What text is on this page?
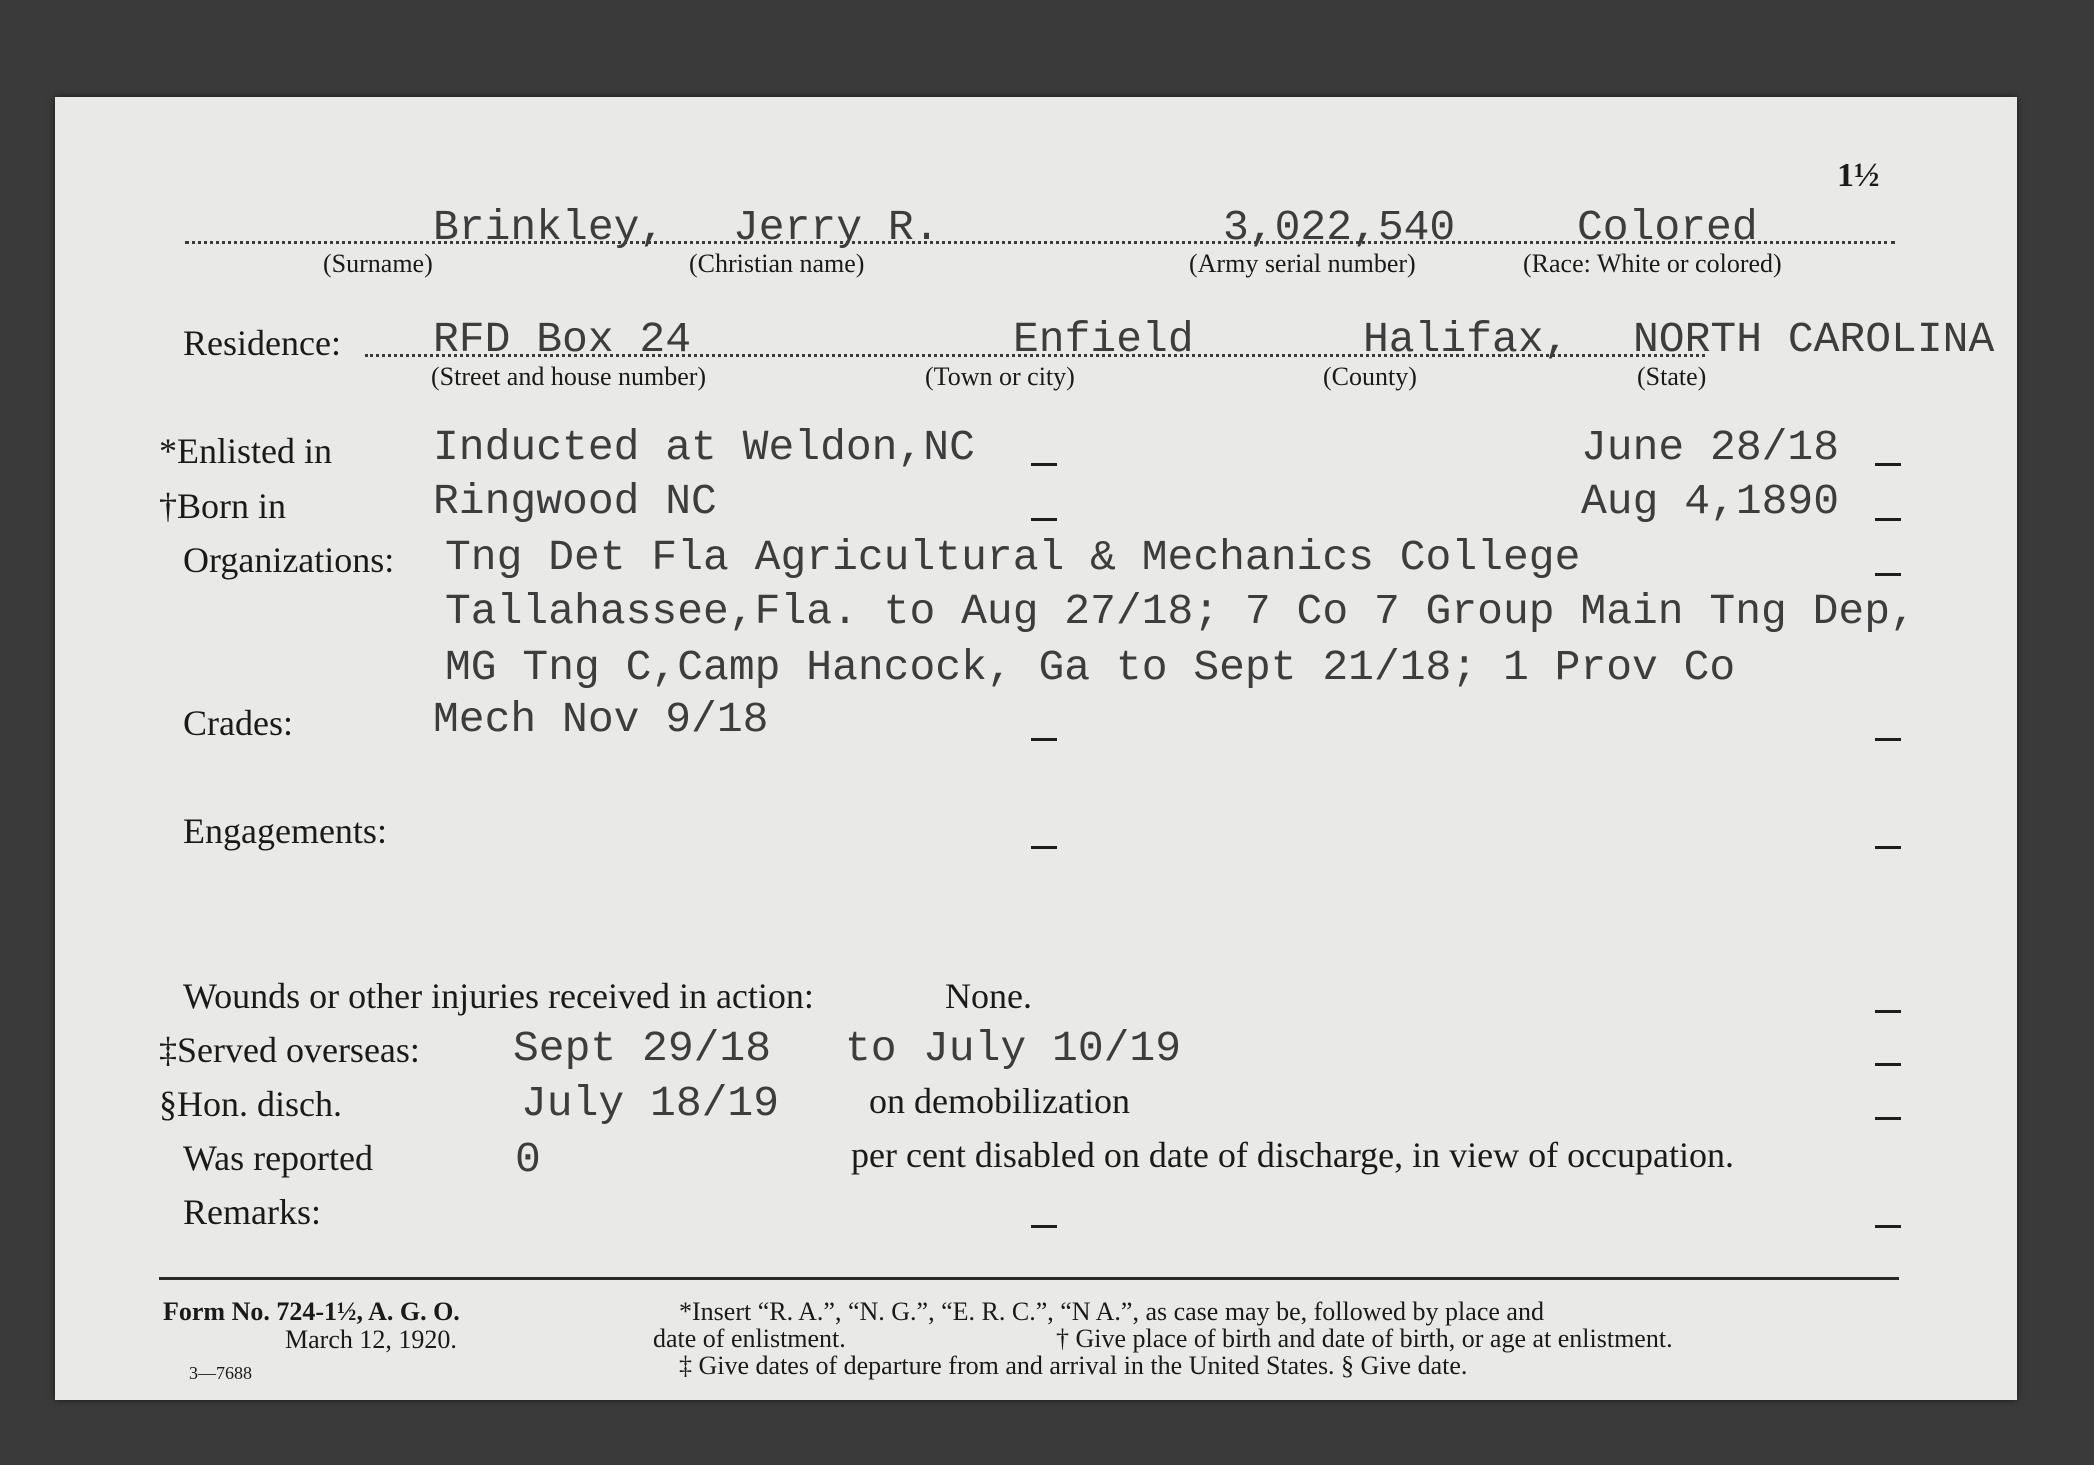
1½
Brinkley, Jerry R.	3,022,540	Colored
(Surname)	(Christian name)	(Army serial number)	(Race: White or colored)
Residence: RFD Box 24	Enfield	Halifax, NORTH CAROLINA
(Street and house number)	(Town or city)	(County)	(State)
*Enlisted in Inducted at Weldon,NC	June 28/18
†Born in	Ringwood NC	Aug 4,1890
Organizations: Tng Det Fla Agricultural & Mechanics College
Tallahassee,Fla. to Aug 27/18; 7 Co 7 Group Main Tng Dep,
MG Tng C,Camp Hancock, Ga to Sept 21/18; 1 Prov Co
Crades:	Mech Nov 9/18
Engagements:
Wounds or other injuries received in action:	None.
‡Served overseas: Sept 29/18 to July 10/19
§Hon. disch.	July 18/19 on demobilization
Was reported	0	per cent disabled on date of discharge, in view of occupation.
Remarks:
Form No. 724-1½, A. G. O.
March 12, 1920.
3—7688
*Insert “R. A.”, “N. G.”, “E. R. C.”, “N A.”, as case may be, followed by place and
date of enlistment.	† Give place of birth and date of birth, or age at enlistment.
‡ Give dates of departure from and arrival in the United States. § Give date.
